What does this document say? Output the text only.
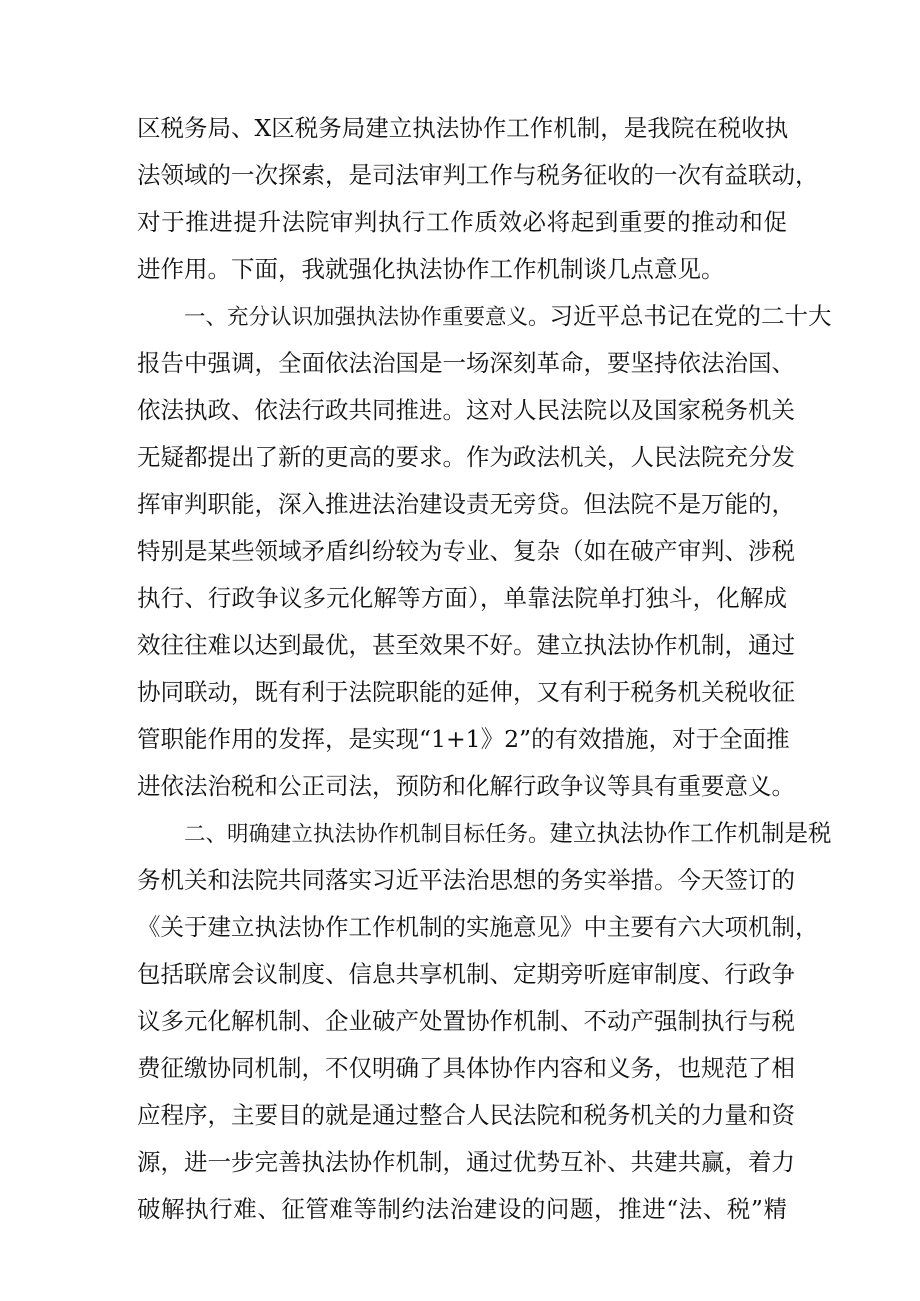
区税务局、X区税务局建立执法协作工作机制，是我院在税收执
法领域的一次探索，是司法审判工作与税务征收的一次有益联动，
对于推进提升法院审判执行工作质效必将起到重要的推动和促
进作用。下面，我就强化执法协作工作机制谈几点意见。
一、充分认识加强执法协作重要意义。习近平总书记在党的二十大
报告中强调，全面依法治国是一场深刻革命，要坚持依法治国、
依法执政、依法行政共同推进。这对人民法院以及国家税务机关
无疑都提出了新的更高的要求。作为政法机关，人民法院充分发
挥审判职能，深入推进法治建设责无旁贷。但法院不是万能的，
特别是某些领域矛盾纠纷较为专业、复杂（如在破产审判、涉税
执行、行政争议多元化解等方面），单靠法院单打独斗，化解成
效往往难以达到最优，甚至效果不好。建立执法协作机制，通过
协同联动，既有利于法院职能的延伸，又有利于税务机关税收征
管职能作用的发挥，是实现“1+1》2”的有效措施，对于全面推
进依法治税和公正司法，预防和化解行政争议等具有重要意义。
二、明确建立执法协作机制目标任务。建立执法协作工作机制是税
务机关和法院共同落实习近平法治思想的务实举措。今天签订的
《关于建立执法协作工作机制的实施意见》中主要有六大项机制，
包括联席会议制度、信息共享机制、定期旁听庭审制度、行政争
议多元化解机制、企业破产处置协作机制、不动产强制执行与税
费征缴协同机制，不仅明确了具体协作内容和义务，也规范了相
应程序，主要目的就是通过整合人民法院和税务机关的力量和资
源，进一步完善执法协作机制，通过优势互补、共建共赢，着力
破解执行难、征管难等制约法治建设的问题，推进“法、税”精
